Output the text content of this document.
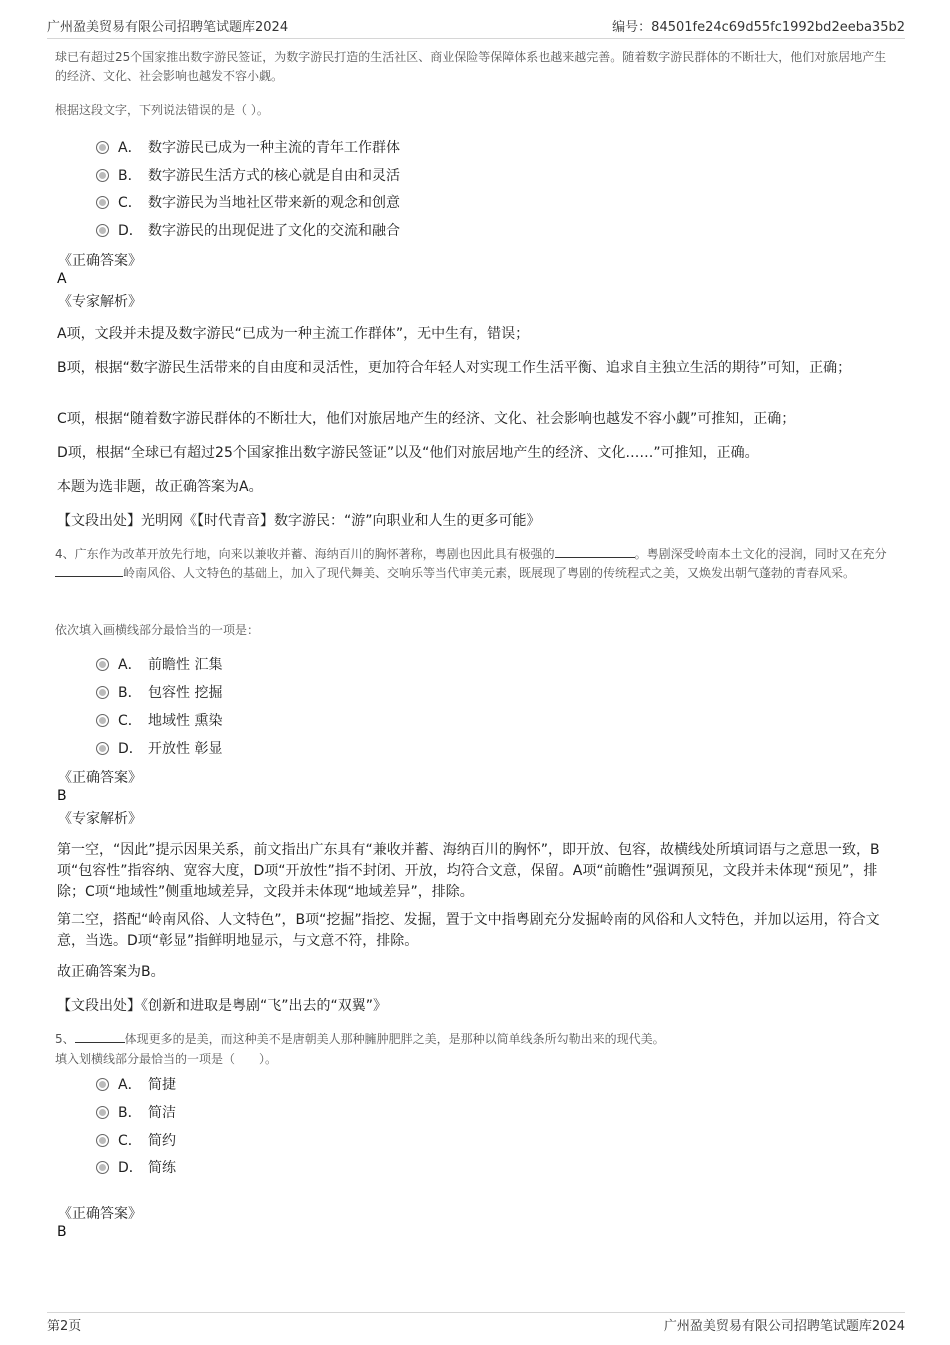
广州盈美贸易有限公司招聘笔试题库2024	编号：84501fe24c69d55fc1992bd2eeba35b2
球已有超过25个国家推出数字游民签证，为数字游民打造的生活社区、商业保险等保障体系也越来越完善。随着数字游民群体的不断壮大，他们对旅居地产生的经济、文化、社会影响也越发不容小觑。
根据这段文字，下列说法错误的是（ ）。
A． 数字游民已成为一种主流的青年工作群体
B． 数字游民生活方式的核心就是自由和灵活
C． 数字游民为当地社区带来新的观念和创意
D． 数字游民的出现促进了文化的交流和融合
《正确答案》
A
《专家解析》
A项，文段并未提及数字游民“已成为一种主流工作群体”，无中生有，错误；
B项，根据“数字游民生活带来的自由度和灵活性，更加符合年轻人对实现工作生活平衡、追求自主独立生活的期待”可知，正确；
C项，根据“随着数字游民群体的不断壮大，他们对旅居地产生的经济、文化、社会影响也越发不容小觑”可推知，正确；
D项，根据“全球已有超过25个国家推出数字游民签证”以及“他们对旅居地产生的经济、文化……”可推知，正确。
本题为选非题，故正确答案为A。
【文段出处】光明网《【时代青音】数字游民：“游”向职业和人生的更多可能》
4、广东作为改革开放先行地，向来以兼收并蓄、海纳百川的胸怀著称，粤剧也因此具有极强的	。粤剧深受岭南本土文化的浸润，同时又在充分岭南风俗、人文特色的基础上，加入了现代舞美、交响乐等当代审美元素，既展现了粤剧的传统程式之美，又焕发出朝气蓬勃的青春风采。
依次填入画横线部分最恰当的一项是：
A． 前瞻性 汇集
B． 包容性 挖掘
C． 地域性 熏染
D． 开放性 彰显
《正确答案》
B
《专家解析》
第一空，“因此”提示因果关系，前文指出广东具有“兼收并蓄、海纳百川的胸怀”，即开放、包容，故横线处所填词语与之意思一致，B项“包容性”指容纳、宽容大度，D项“开放性”指不封闭、开放，均符合文意，保留。A项“前瞻性”强调预见，文段并未体现“预见”，排除；C项“地域性”侧重地域差异，文段并未体现“地域差异”，排除。
第二空，搭配“岭南风俗、人文特色”，B项“挖掘”指挖、发掘，置于文中指粤剧充分发掘岭南的风俗和人文特色，并加以运用，符合文意，当选。D项“彰显”指鲜明地显示，与文意不符，排除。
故正确答案为B。
【文段出处】《创新和进取是粤剧“飞”出去的“双翼”》
5、	体现更多的是美，而这种美不是唐朝美人那种臃肿肥胖之美，是那种以简单线条所勾勒出来的现代美。
填入划横线部分最恰当的一项是（　　）。
A． 简捷
B． 简洁
C． 简约
D． 简练
《正确答案》
B
第2页	广州盈美贸易有限公司招聘笔试题库2024
